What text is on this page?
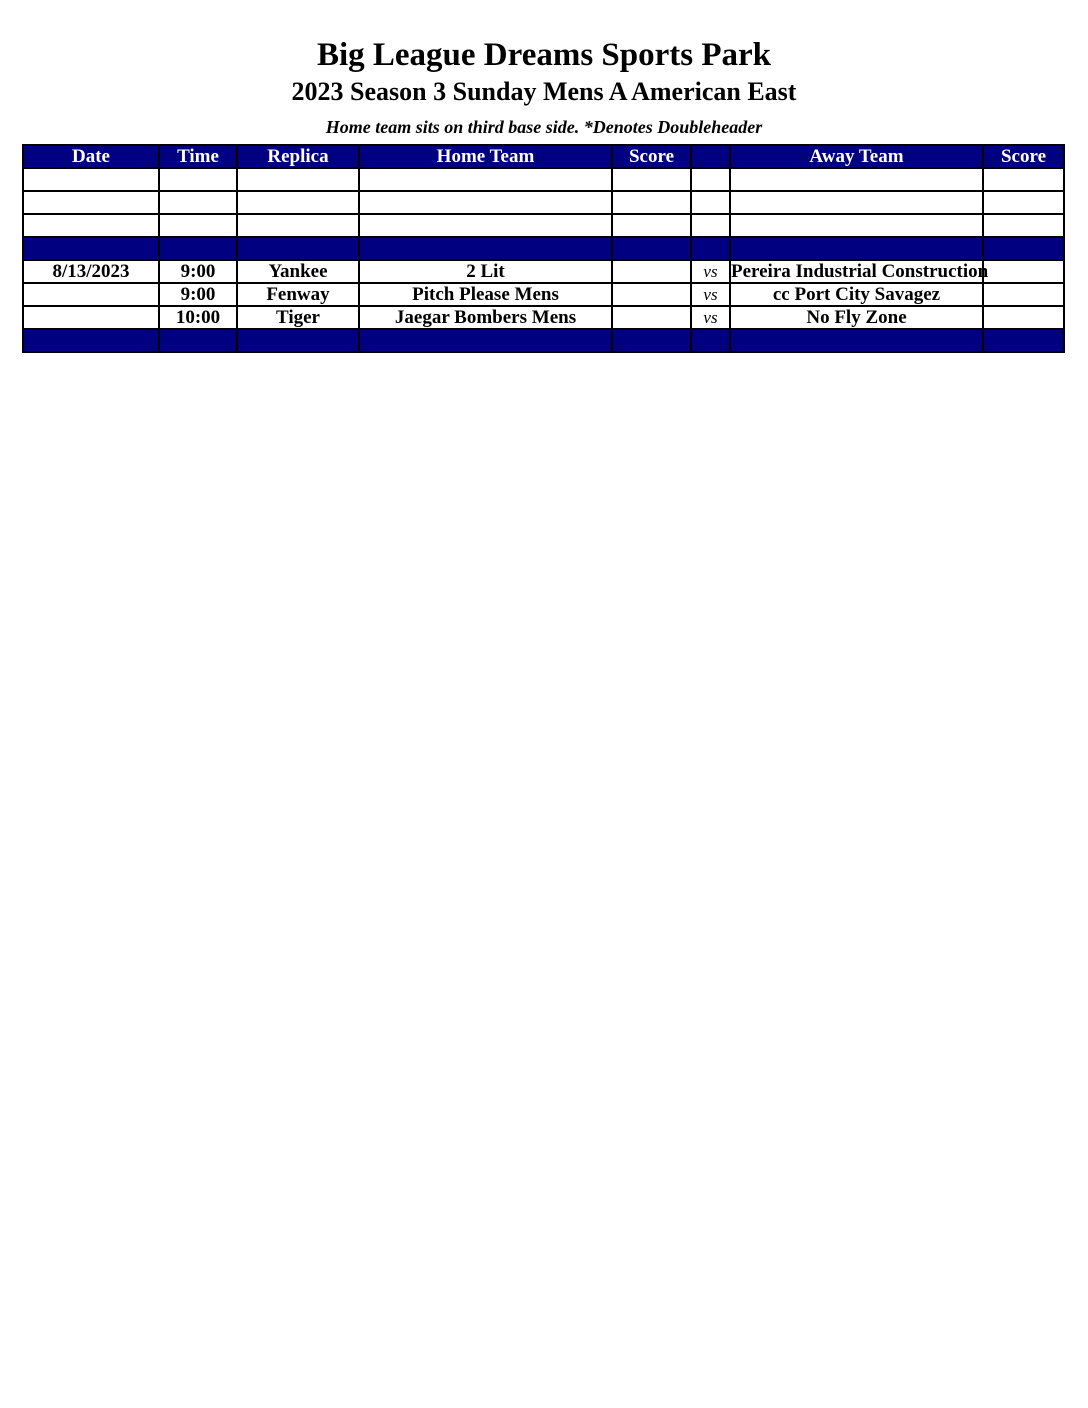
Big League Dreams Sports Park
2023 Season 3 Sunday Mens A American East
Home team sits on third base side. *Denotes Doubleheader
Date	Time	Replica	Home Team	Score		Away Team	Score

8/13/2023	9:00	Yankee	2 Lit		vs	Pereira Industrial Construction	
	9:00	Fenway	Pitch Please Mens		vs	cc Port City Savagez	
	10:00	Tiger	Jaegar Bombers Mens		vs	No Fly Zone	
